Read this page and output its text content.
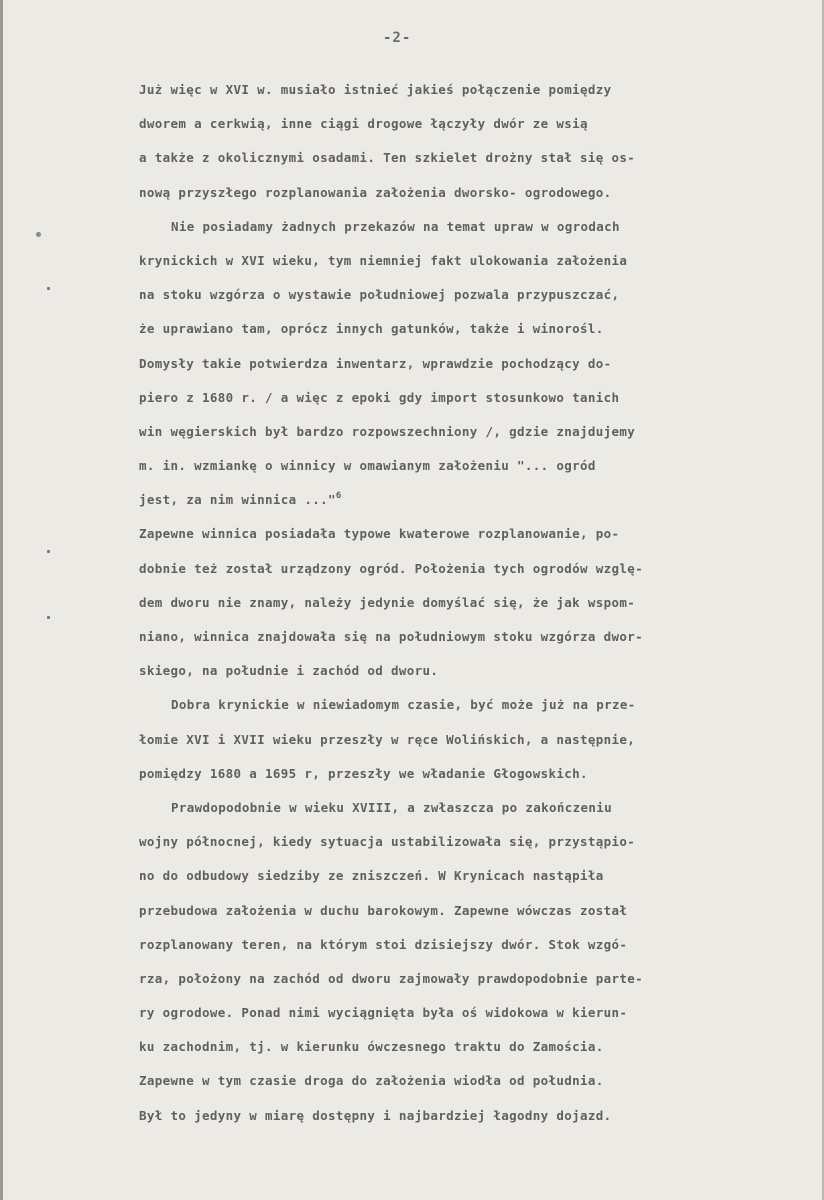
-2-
Już więc w XVI w. musiało istnieć jakieś połączenie pomiędzy
dworem a cerkwią, inne ciągi drogowe łączyły dwór ze wsią
a także z okolicznymi osadami. Ten szkielet drożny stał się os-
nową przyszłego rozplanowania założenia dworsko- ogrodowego.
Nie posiadamy żadnych przekazów na temat upraw w ogrodach
krynickich w XVI wieku, tym niemniej fakt ulokowania założenia
na stoku wzgórza o wystawie południowej pozwala przypuszczać,
że uprawiano tam, oprócz innych gatunków, także i winorośl.
Domysły takie potwierdza inwentarz, wprawdzie pochodzący do-
piero z 1680 r. / a więc z epoki gdy import stosunkowo tanich
win węgierskich był bardzo rozpowszechniony /, gdzie znajdujemy
m. in. wzmiankę o winnicy w omawianym założeniu "... ogród
jest, za nim winnica ..."$^6$
Zapewne winnica posiadała typowe kwaterowe rozplanowanie, po-
dobnie też został urządzony ogród. Położenia tych ogrodów wzglę-
dem dworu nie znamy, należy jedynie domyślać się, że jak wspom-
niano, winnica znajdowała się na południowym stoku wzgórza dwor-
skiego, na południe i zachód od dworu.
Dobra krynickie w niewiadomym czasie, być może już na prze-
łomie XVI i XVII wieku przeszły w ręce Wolińskich, a następnie,
pomiędzy 1680 a 1695 r, przeszły we władanie Głogowskich.
Prawdopodobnie w wieku XVIII, a zwłaszcza po zakończeniu
wojny północnej, kiedy sytuacja ustabilizowała się, przystąpio-
no do odbudowy siedziby ze zniszczeń. W Krynicach nastąpiła
przebudowa założenia w duchu barokowym. Zapewne wówczas został
rozplanowany teren, na którym stoi dzisiejszy dwór. Stok wzgó-
rza, położony na zachód od dworu zajmowały prawdopodobnie parte-
ry ogrodowe. Ponad nimi wyciągnięta była oś widokowa w kierun-
ku zachodnim, tj. w kierunku ówczesnego traktu do Zamościa.
Zapewne w tym czasie droga do założenia wiodła od południa.
Był to jedyny w miarę dostępny i najbardziej łagodny dojazd.
